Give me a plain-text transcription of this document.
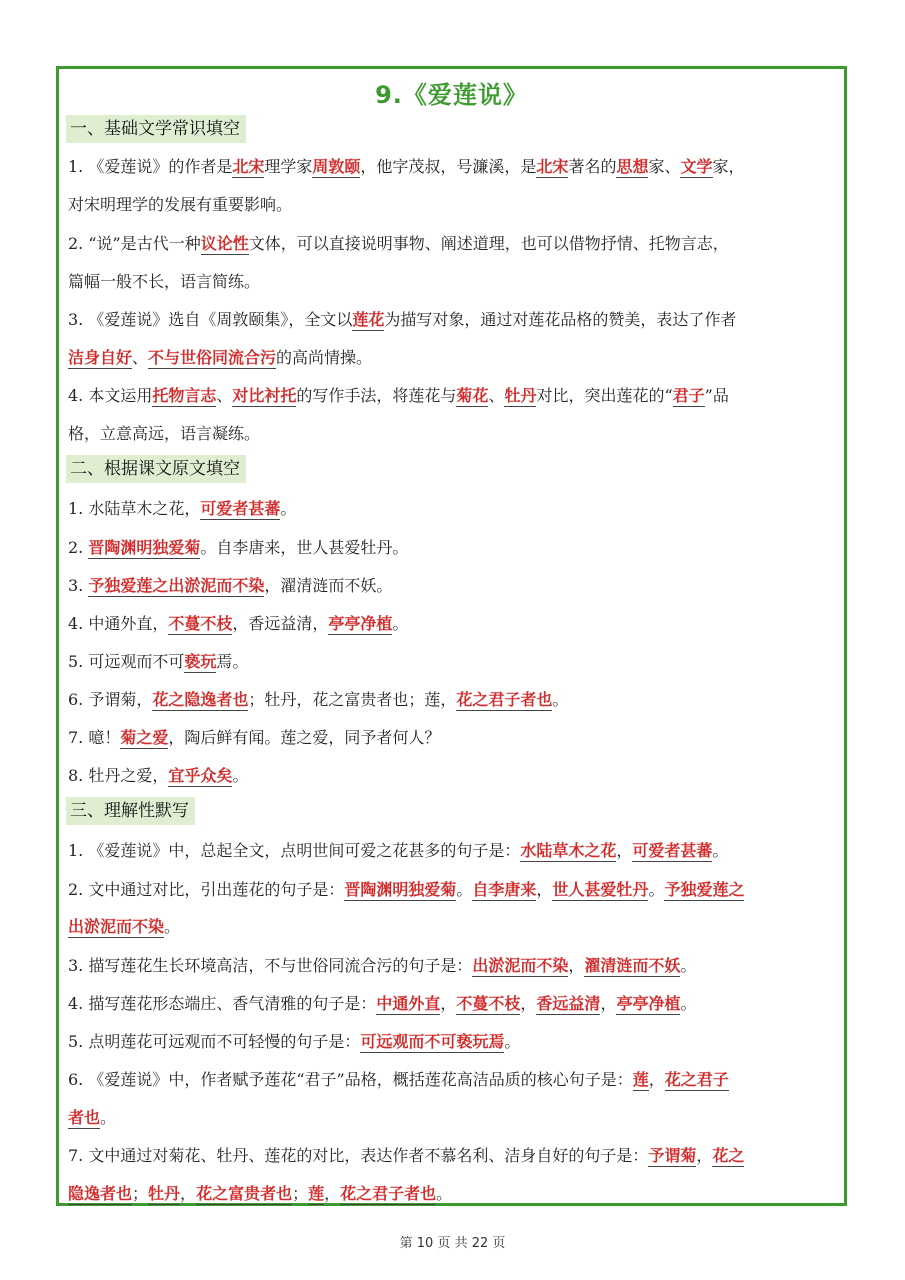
9.《爱莲说》
一、基础文学常识填空
二、根据课文原文填空
三、理解性默写
1. 《爱莲说》的作者是北宋理学家周敦颐，他字茂叔，号濂溪，是北宋著名的思想家、文学家，
对宋明理学的发展有重要影响。
2. “说”是古代一种议论性文体，可以直接说明事物、阐述道理，也可以借物抒情、托物言志，
篇幅一般不长，语言简练。
3. 《爱莲说》选自《周敦颐集》，全文以莲花为描写对象，通过对莲花品格的赞美，表达了作者
洁身自好、不与世俗同流合污的高尚情操。
4. 本文运用托物言志、对比衬托的写作手法，将莲花与菊花、牡丹对比，突出莲花的“君子”品
格，立意高远，语言凝练。
1. 水陆草木之花，可爱者甚蕃。
2. 晋陶渊明独爱菊。自李唐来，世人甚爱牡丹。
3. 予独爱莲之出淤泥而不染，濯清涟而不妖。
4. 中通外直，不蔓不枝，香远益清，亭亭净植。
5. 可远观而不可亵玩焉。
6. 予谓菊，花之隐逸者也；牡丹，花之富贵者也；莲，花之君子者也。
7. 噫！菊之爱，陶后鲜有闻。莲之爱，同予者何人？
8. 牡丹之爱，宜乎众矣。
1. 《爱莲说》中，总起全文，点明世间可爱之花甚多的句子是：水陆草木之花，可爱者甚蕃。
2. 文中通过对比，引出莲花的句子是：晋陶渊明独爱菊。自李唐来，世人甚爱牡丹。予独爱莲之
出淤泥而不染。
3. 描写莲花生长环境高洁，不与世俗同流合污的句子是：出淤泥而不染，濯清涟而不妖。
4. 描写莲花形态端庄、香气清雅的句子是：中通外直，不蔓不枝，香远益清，亭亭净植。
5. 点明莲花可远观而不可轻慢的句子是：可远观而不可亵玩焉。
6. 《爱莲说》中，作者赋予莲花“君子”品格，概括莲花高洁品质的核心句子是：莲，花之君子
者也。
7. 文中通过对菊花、牡丹、莲花的对比，表达作者不慕名利、洁身自好的句子是：予谓菊，花之
隐逸者也；牡丹，花之富贵者也；莲，花之君子者也。
第 10 页 共 22 页
